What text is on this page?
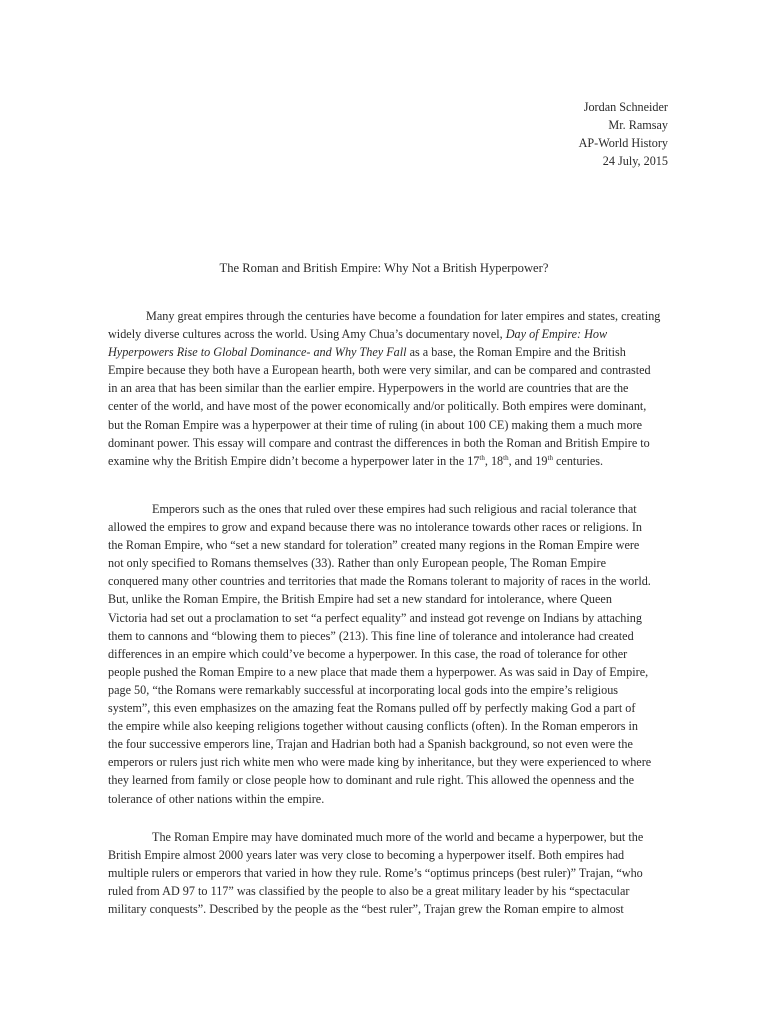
Jordan Schneider
Mr. Ramsay
AP-World History
24 July, 2015
The Roman and British Empire: Why Not a British Hyperpower?
Many great empires through the centuries have become a foundation for later empires and states, creating
widely diverse cultures across the world. Using Amy Chua’s documentary novel, Day of Empire: How
Hyperpowers Rise to Global Dominance- and Why They Fall as a base, the Roman Empire and the British
Empire because they both have a European hearth, both were very similar, and can be compared and contrasted
in an area that has been similar than the earlier empire. Hyperpowers in the world are countries that are the
center of the world, and have most of the power economically and/or politically. Both empires were dominant,
but the Roman Empire was a hyperpower at their time of ruling (in about 100 CE) making them a much more
dominant power. This essay will compare and contrast the differences in both the Roman and British Empire to
examine why the British Empire didn’t become a hyperpower later in the 17th, 18th, and 19th centuries.
Emperors such as the ones that ruled over these empires had such religious and racial tolerance that
allowed the empires to grow and expand because there was no intolerance towards other races or religions. In
the Roman Empire, who “set a new standard for toleration” created many regions in the Roman Empire were
not only specified to Romans themselves (33). Rather than only European people, The Roman Empire
conquered many other countries and territories that made the Romans tolerant to majority of races in the world.
But, unlike the Roman Empire, the British Empire had set a new standard for intolerance, where Queen
Victoria had set out a proclamation to set “a perfect equality” and instead got revenge on Indians by attaching
them to cannons and “blowing them to pieces” (213). This fine line of tolerance and intolerance had created
differences in an empire which could’ve become a hyperpower. In this case, the road of tolerance for other
people pushed the Roman Empire to a new place that made them a hyperpower. As was said in Day of Empire,
page 50, “the Romans were remarkably successful at incorporating local gods into the empire’s religious
system”, this even emphasizes on the amazing feat the Romans pulled off by perfectly making God a part of
the empire while also keeping religions together without causing conflicts (often). In the Roman emperors in
the four successive emperors line, Trajan and Hadrian both had a Spanish background, so not even were the
emperors or rulers just rich white men who were made king by inheritance, but they were experienced to where
they learned from family or close people how to dominant and rule right. This allowed the openness and the
tolerance of other nations within the empire.
The Roman Empire may have dominated much more of the world and became a hyperpower, but the
British Empire almost 2000 years later was very close to becoming a hyperpower itself. Both empires had
multiple rulers or emperors that varied in how they rule. Rome’s “optimus princeps (best ruler)” Trajan, “who
ruled from AD 97 to 117” was classified by the people to also be a great military leader by his “spectacular
military conquests”. Described by the people as the “best ruler”, Trajan grew the Roman empire to almost
